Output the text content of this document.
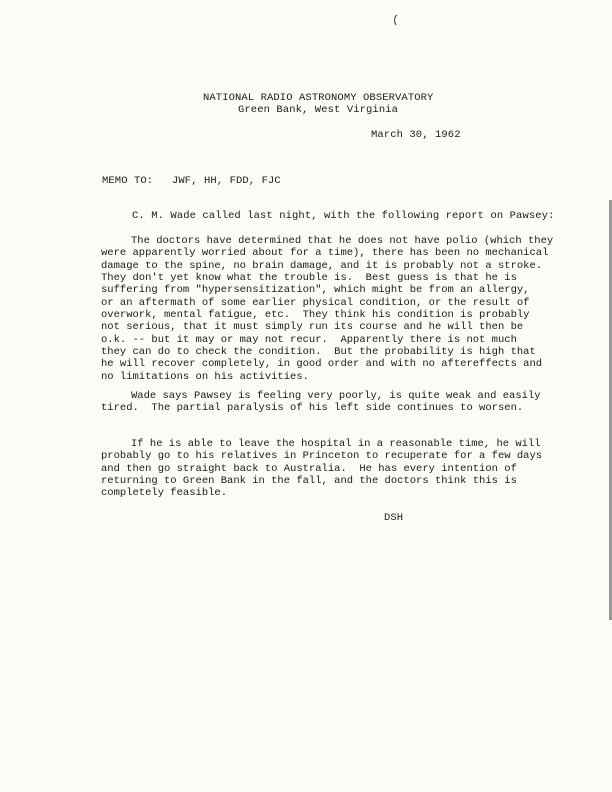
NATIONAL RADIO ASTRONOMY OBSERVATORY
Green Bank, West Virginia
March 30, 1962
MEMO TO: JWF, HH, FDD, FJC
C. M. Wade called last night, with the following report on Pawsey:
The doctors have determined that he does not have polio (which they
were apparently worried about for a time), there has been no mechanical
damage to the spine, no brain damage, and it is probably not a stroke.
They don't yet know what the trouble is.  Best guess is that he is
suffering from "hypersensitization", which might be from an allergy,
or an aftermath of some earlier physical condition, or the result of
overwork, mental fatigue, etc.  They think his condition is probably
not serious, that it must simply run its course and he will then be
o.k. -- but it may or may not recur.  Apparently there is not much
they can do to check the condition.  But the probability is high that
he will recover completely, in good order and with no aftereffects and
no limitations on his activities.
Wade says Pawsey is feeling very poorly, is quite weak and easily
tired.  The partial paralysis of his left side continues to worsen.
If he is able to leave the hospital in a reasonable time, he will
probably go to his relatives in Princeton to recuperate for a few days
and then go straight back to Australia.  He has every intention of
returning to Green Bank in the fall, and the doctors think this is
completely feasible.
DSH
